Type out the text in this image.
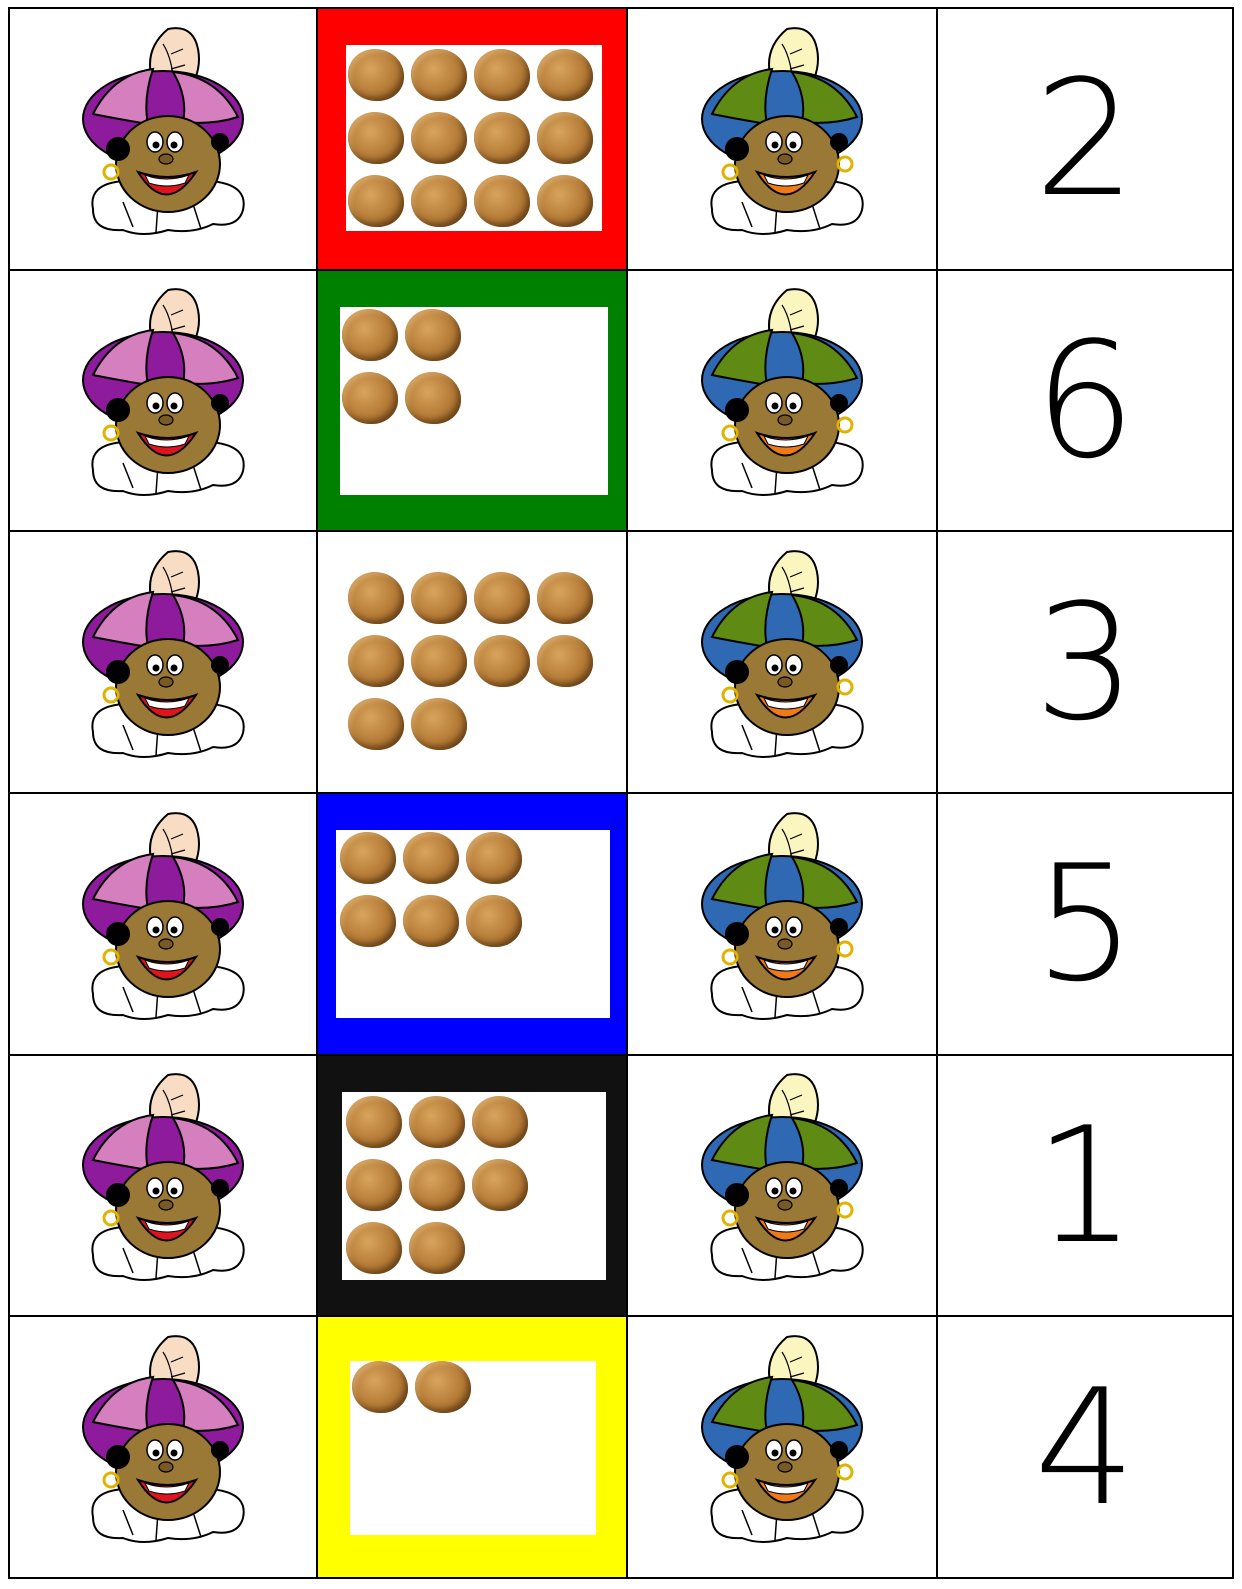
2
6
3
5
1
4
